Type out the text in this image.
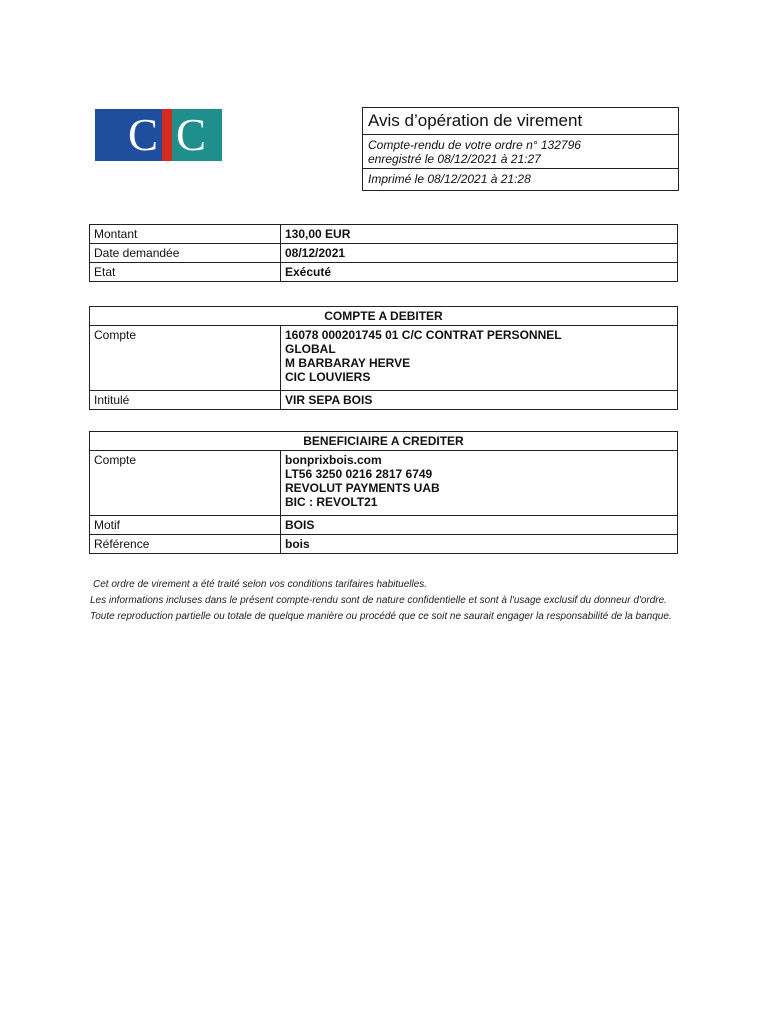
C C	Avis d’opération de virement
Compte-rendu de votre ordre n° 132796
enregistré le 08/12/2021 à 21:27
Imprimé le 08/12/2021 à 21:28
Montant	130,00 EUR
Date demandée	08/12/2021
Etat	Exécuté
COMPTE A DEBITER	
Compte	16078 000201745 01 C/C CONTRAT PERSONNEL
GLOBAL
M BARBARAY HERVE
CIC LOUVIERS

Intitulé	VIR SEPA BOIS
BENEFICIAIRE A CREDITER	
Compte	bonprixbois.com
LT56 3250 0216 2817 6749
REVOLUT PAYMENTS UAB
BIC : REVOLT21

Motif	BOIS
Référence	bois

Cet ordre de virement a été traité selon vos conditions tarifaires habituelles.

Les informations incluses dans le présent compte-rendu sont de nature confidentielle et sont à l'usage exclusif du donneur d'ordre.

Toute reproduction partielle ou totale de quelque manière ou procédé que ce soit ne saurait engager la responsabilité de la banque.
